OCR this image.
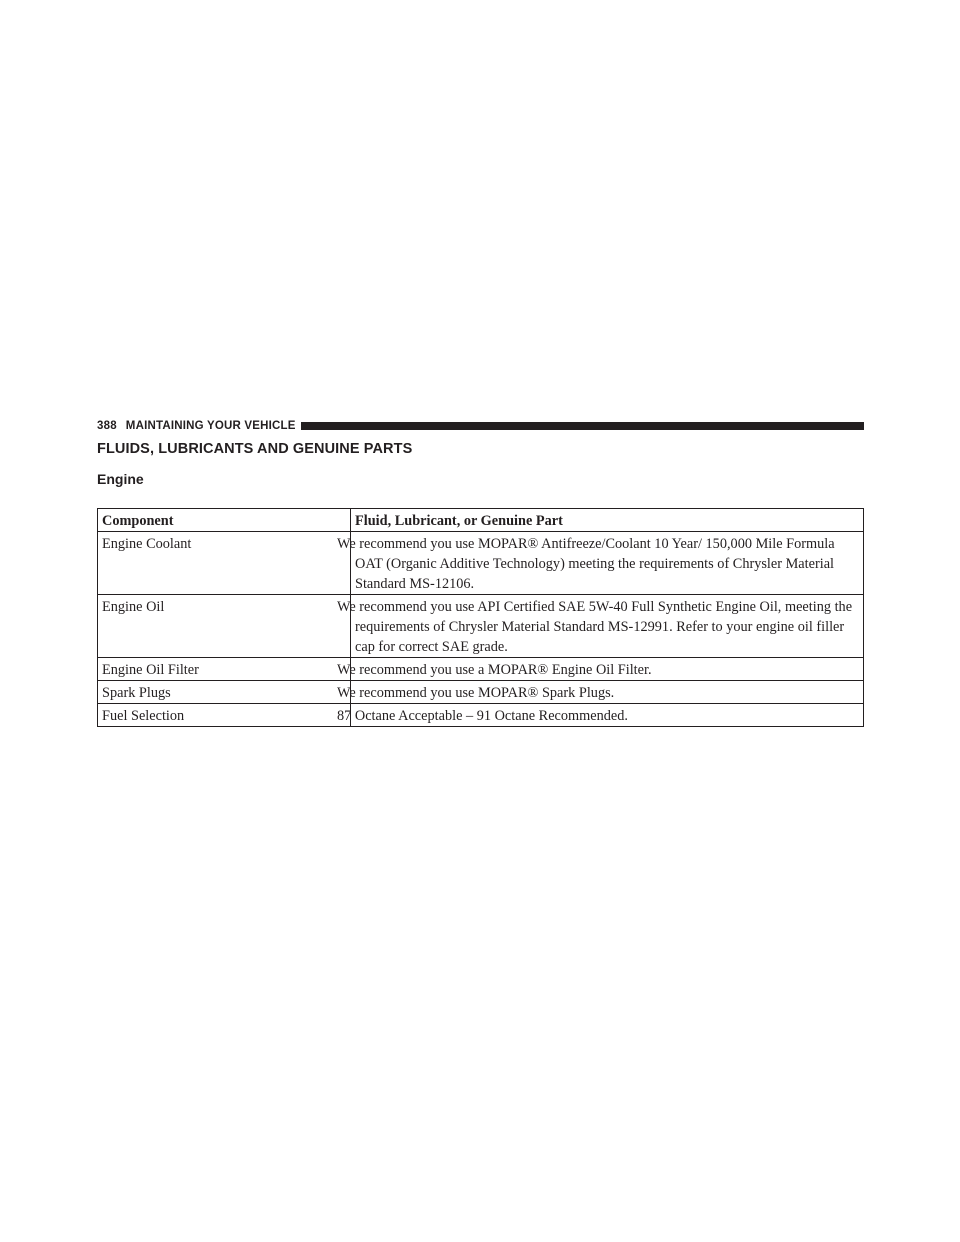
388 MAINTAINING YOUR VEHICLE
FLUIDS, LUBRICANTS AND GENUINE PARTS
Engine
Component	Fluid, Lubricant, or Genuine Part
Engine Coolant	We recommend you use MOPAR® Antifreeze/Coolant 10 Year/ 150,000 Mile Formula OAT (Organic Additive Technology) meeting the requirements of Chrysler Material Standard MS-12106.
Engine Oil	We recommend you use API Certified SAE 5W-40 Full Synthetic Engine Oil, meeting the requirements of Chrysler Material Standard MS-12991. Refer to your engine oil filler cap for correct SAE grade.
Engine Oil Filter	We recommend you use a MOPAR® Engine Oil Filter.
Spark Plugs	We recommend you use MOPAR® Spark Plugs.
Fuel Selection	87 Octane Acceptable – 91 Octane Recommended.
